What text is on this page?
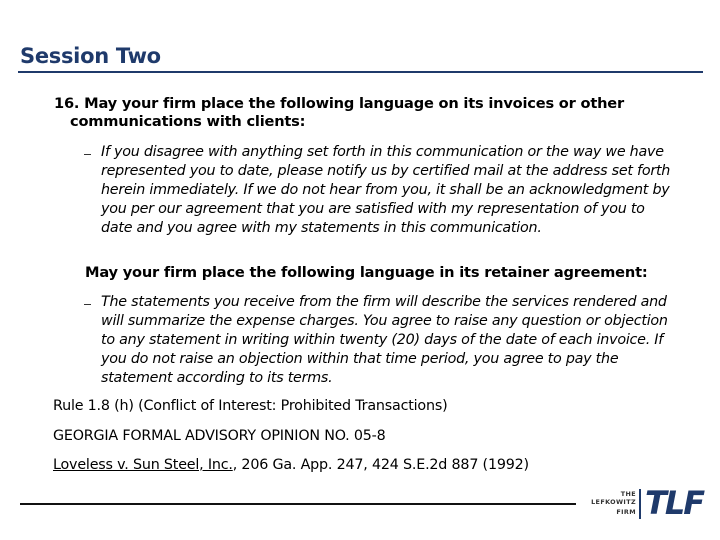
Session Two
16. May your firm place the following language on its invoices or other
communications with clients:
If you disagree with anything set forth in this communication or the way we have represented you to date, please notify us by certified mail at the address set forth herein immediately. If we do not hear from you, it shall be an acknowledgment by you per our agreement that you are satisfied with my representation of you to date and you agree with my statements in this communication.
May your firm place the following language in its retainer agreement:
The statements you receive from the firm will describe the services rendered and will summarize the expense charges. You agree to raise any question or objection to any statement in writing within twenty (20) days of the date of each invoice. If you do not raise an objection within that time period, you agree to pay the statement according to its terms.
Rule 1.8 (h) (Conflict of Interest: Prohibited Transactions)
GEORGIA FORMAL ADVISORY OPINION NO. 05-8
Loveless v. Sun Steel, Inc., 206 Ga. App. 247, 424 S.E.2d 887 (1992)
THE
LEFKOWITZ
FIRM TLF
